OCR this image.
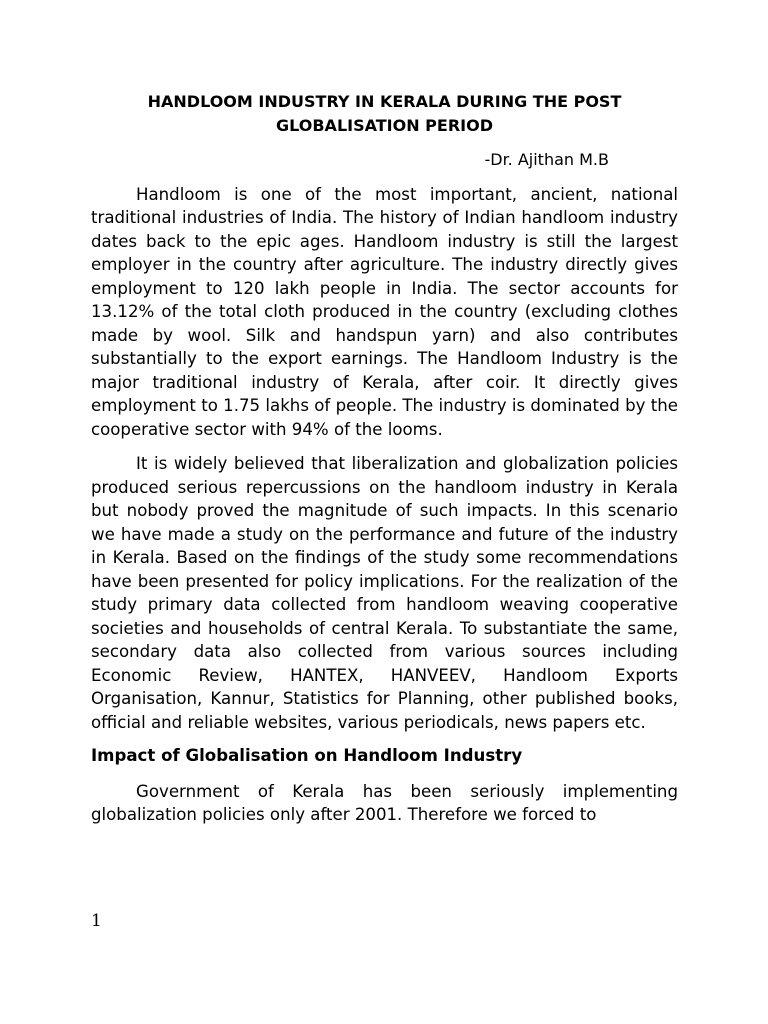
HANDLOOM INDUSTRY IN KERALA DURING THE POST
GLOBALISATION PERIOD

-Dr. Ajithan M.B

Handloom is one of the most important, ancient, national traditional industries of India. The history of Indian handloom industry dates back to the epic ages. Handloom industry is still the largest employer in the country after agriculture. The industry directly gives employment to 120 lakh people in India. The sector accounts for 13.12% of the total cloth produced in the country (excluding clothes made by wool. Silk and handspun yarn) and also contributes substantially to the export earnings. The Handloom Industry is the major traditional industry of Kerala, after coir. It directly gives employment to 1.75 lakhs of people. The industry is dominated by the cooperative sector with 94% of the looms.

It is widely believed that liberalization and globalization policies produced serious repercussions on the handloom industry in Kerala but nobody proved the magnitude of such impacts. In this scenario we have made a study on the performance and future of the industry in Kerala. Based on the findings of the study some recommendations have been presented for policy implications. For the realization of the study primary data collected from handloom weaving cooperative societies and households of central Kerala. To substantiate the same, secondary data also collected from various sources including Economic Review, HANTEX, HANVEEV, Handloom Exports Organisation, Kannur, Statistics for Planning, other published books, official and reliable websites, various periodicals, news papers etc.

Impact of Globalisation on Handloom Industry

Government of Kerala has been seriously implementing globalization policies only after 2001. Therefore we forced to

1
